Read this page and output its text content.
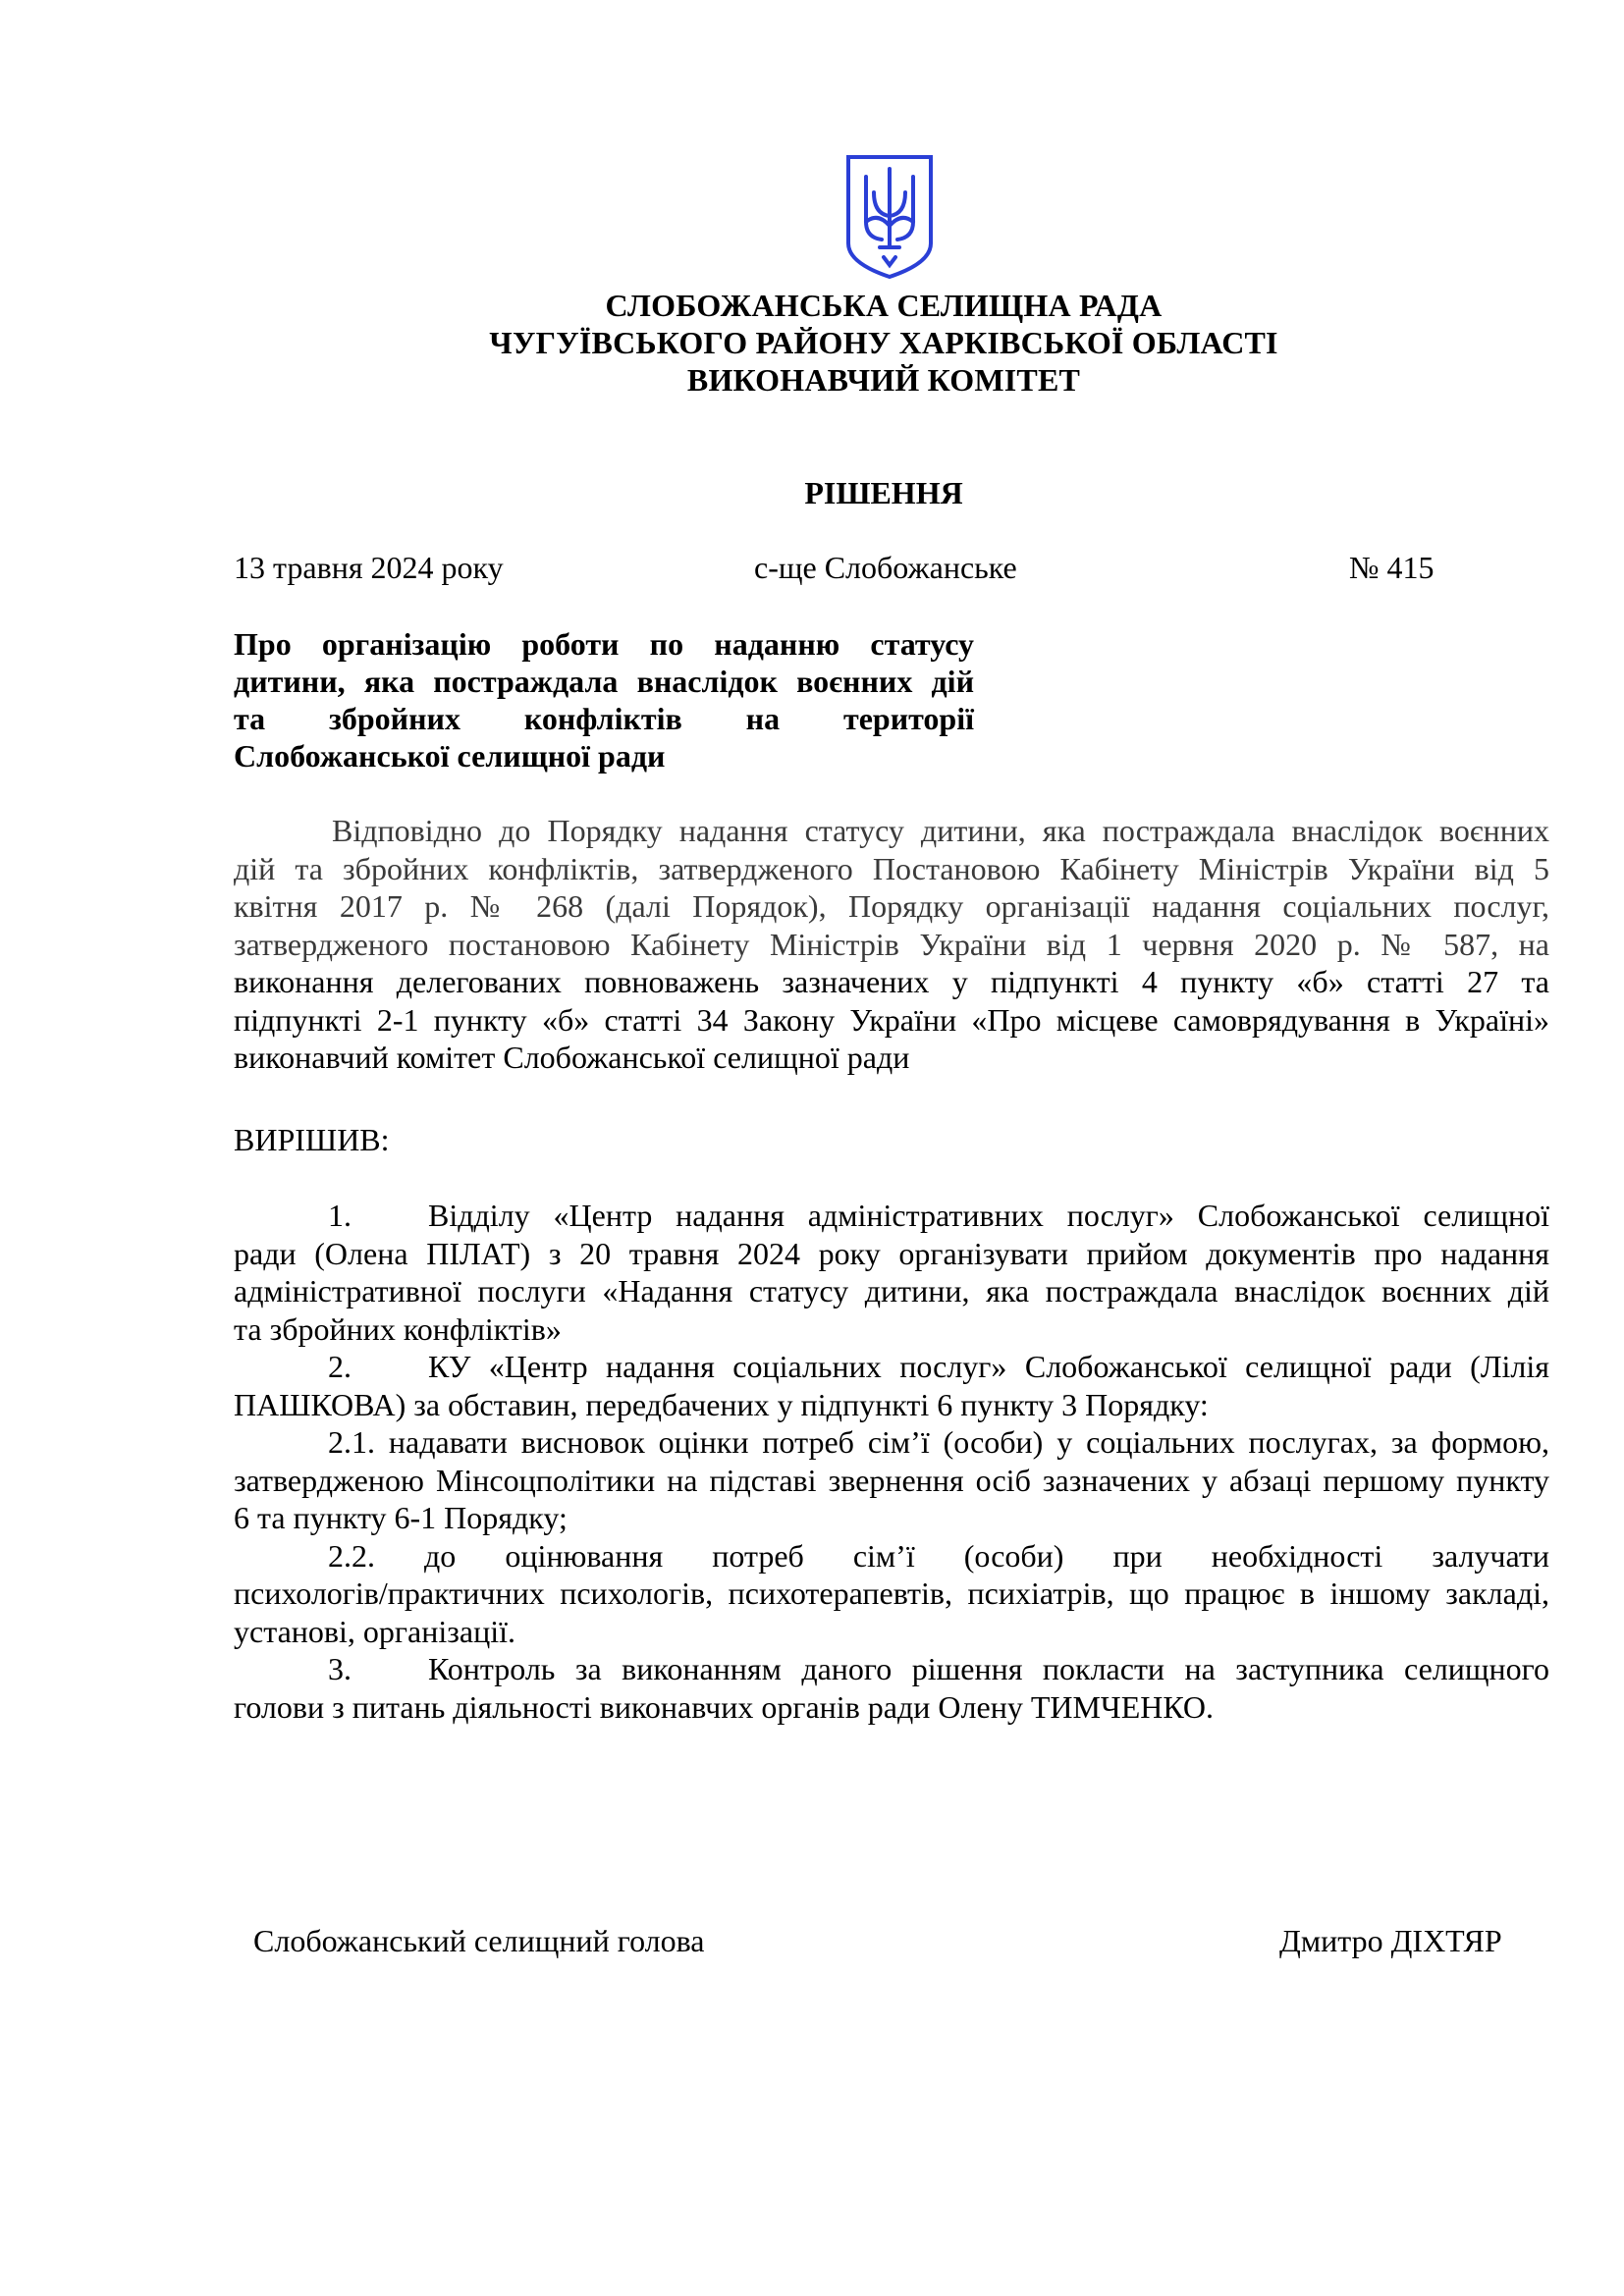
СЛОБОЖАНСЬКА СЕЛИЩНА РАДА
ЧУГУЇВСЬКОГО РАЙОНУ ХАРКІВСЬКОЇ ОБЛАСТІ
ВИКОНАВЧИЙ КОМІТЕТ
РІШЕННЯ
13 травня 2024 року	с-ще Слобожанське	№ 415
Про організацію роботи по наданню статусу
дитини, яка постраждала внаслідок воєнних дій
та збройних конфліктів на території
Слобожанської селищної ради
Відповідно до Порядку надання статусу дитини, яка постраждала внаслідок воєнних
дій та збройних конфліктів, затвердженого Постановою Кабінету Міністрів України від 5
квітня 2017 р. № 268 (далі Порядок), Порядку організації надання соціальних послуг,
затвердженого постановою Кабінету Міністрів України від 1 червня 2020 р. № 587, на
виконання делегованих повноважень зазначених у підпункті 4 пункту «б» статті 27 та
підпункті 2-1 пункту «б» статті 34 Закону України «Про місцеве самоврядування в Україні»
виконавчий комітет Слобожанської селищної ради
ВИРІШИВ:
1. Відділу «Центр надання адміністративних послуг» Слобожанської селищної
ради (Олена ПІЛАТ) з 20 травня 2024 року організувати прийом документів про надання
адміністративної послуги «Надання статусу дитини, яка постраждала внаслідок воєнних дій
та збройних конфліктів»
2. КУ «Центр надання соціальних послуг» Слобожанської селищної ради (Лілія
ПАШКОВА) за обставин, передбачених у підпункті 6 пункту 3 Порядку:
2.1. надавати висновок оцінки потреб сім’ї (особи) у соціальних послугах, за формою,
затвердженою Мінсоцполітики на підставі звернення осіб зазначених у абзаці першому пункту
6 та пункту 6-1 Порядку;
2.2. до оцінювання потреб сім’ї (особи) при необхідності залучати
психологів/практичних психологів, психотерапевтів, психіатрів, що працює в іншому закладі,
установі, організації.
3. Контроль за виконанням даного рішення покласти на заступника селищного
голови з питань діяльності виконавчих органів ради Олену ТИМЧЕНКО.
Слобожанський селищний голова	Дмитро ДІХТЯР
